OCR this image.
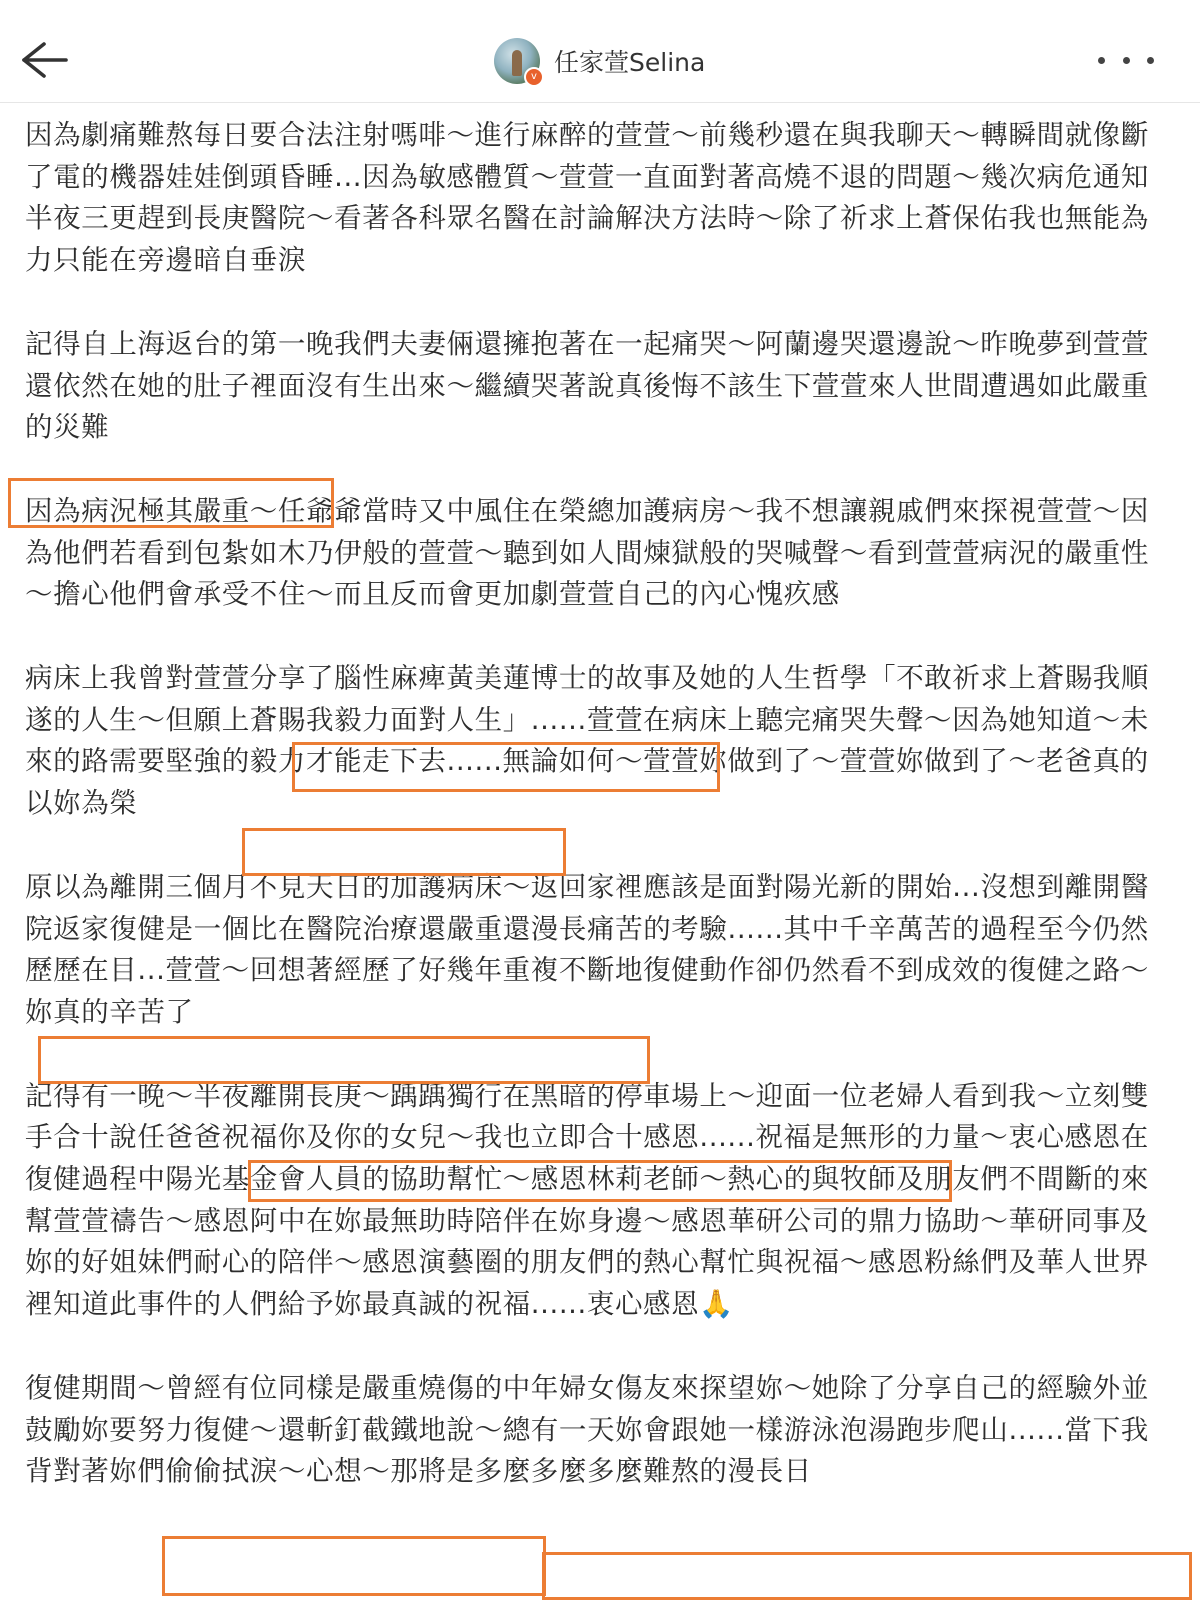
v 任家萱Selina

因為劇痛難熬每日要合法注射嗎啡～進行麻醉的萱萱～前幾秒還在與我聊天～轉瞬間就像斷了電的機器娃娃倒頭昏睡...因為敏感體質～萱萱一直面對著高燒不退的問題～幾次病危通知半夜三更趕到長庚醫院～看著各科眾名醫在討論解決方法時～除了祈求上蒼保佑我也無能為力只能在旁邊暗自垂淚

記得自上海返台的第一晚我們夫妻倆還擁抱著在一起痛哭～阿蘭邊哭還邊說～昨晚夢到萱萱還依然在她的肚子裡面沒有生出來～繼續哭著說真後悔不該生下萱萱來人世間遭遇如此嚴重的災難

因為病況極其嚴重～任爺爺當時又中風住在榮總加護病房～我不想讓親戚們來探視萱萱～因為他們若看到包紮如木乃伊般的萱萱～聽到如人間煉獄般的哭喊聲～看到萱萱病況的嚴重性～擔心他們會承受不住～而且反而會更加劇萱萱自己的內心愧疚感

病床上我曾對萱萱分享了腦性麻痺黃美蓮博士的故事及她的人生哲學「不敢祈求上蒼賜我順遂的人生～但願上蒼賜我毅力面對人生」......萱萱在病床上聽完痛哭失聲～因為她知道～未來的路需要堅強的毅力才能走下去......無論如何～萱萱妳做到了～萱萱妳做到了～老爸真的以妳為榮

原以為離開三個月不見天日的加護病床～返回家裡應該是面對陽光新的開始...沒想到離開醫院返家復健是一個比在醫院治療還嚴重還漫長痛苦的考驗......其中千辛萬苦的過程至今仍然歷歷在目...萱萱～回想著經歷了好幾年重複不斷地復健動作卻仍然看不到成效的復健之路～妳真的辛苦了

記得有一晚～半夜離開長庚～踽踽獨行在黑暗的停車場上～迎面一位老婦人看到我～立刻雙手合十說任爸爸祝福你及你的女兒～我也立即合十感恩......祝福是無形的力量～衷心感恩在復健過程中陽光基金會人員的協助幫忙～感恩林莉老師～熱心的與牧師及朋友們不間斷的來幫萱萱禱告～感恩阿中在妳最無助時陪伴在妳身邊～感恩華研公司的鼎力協助～華研同事及妳的好姐妹們耐心的陪伴～感恩演藝圈的朋友們的熱心幫忙與祝福～感恩粉絲們及華人世界裡知道此事件的人們給予妳最真誠的祝福......衷心感恩🙏

復健期間～曾經有位同樣是嚴重燒傷的中年婦女傷友來探望妳～她除了分享自己的經驗外並鼓勵妳要努力復健～還斬釘截鐵地說～總有一天妳會跟她一樣游泳泡湯跑步爬山......當下我背對著妳們偷偷拭淚～心想～那將是多麼多麼多麼難熬的漫長日
